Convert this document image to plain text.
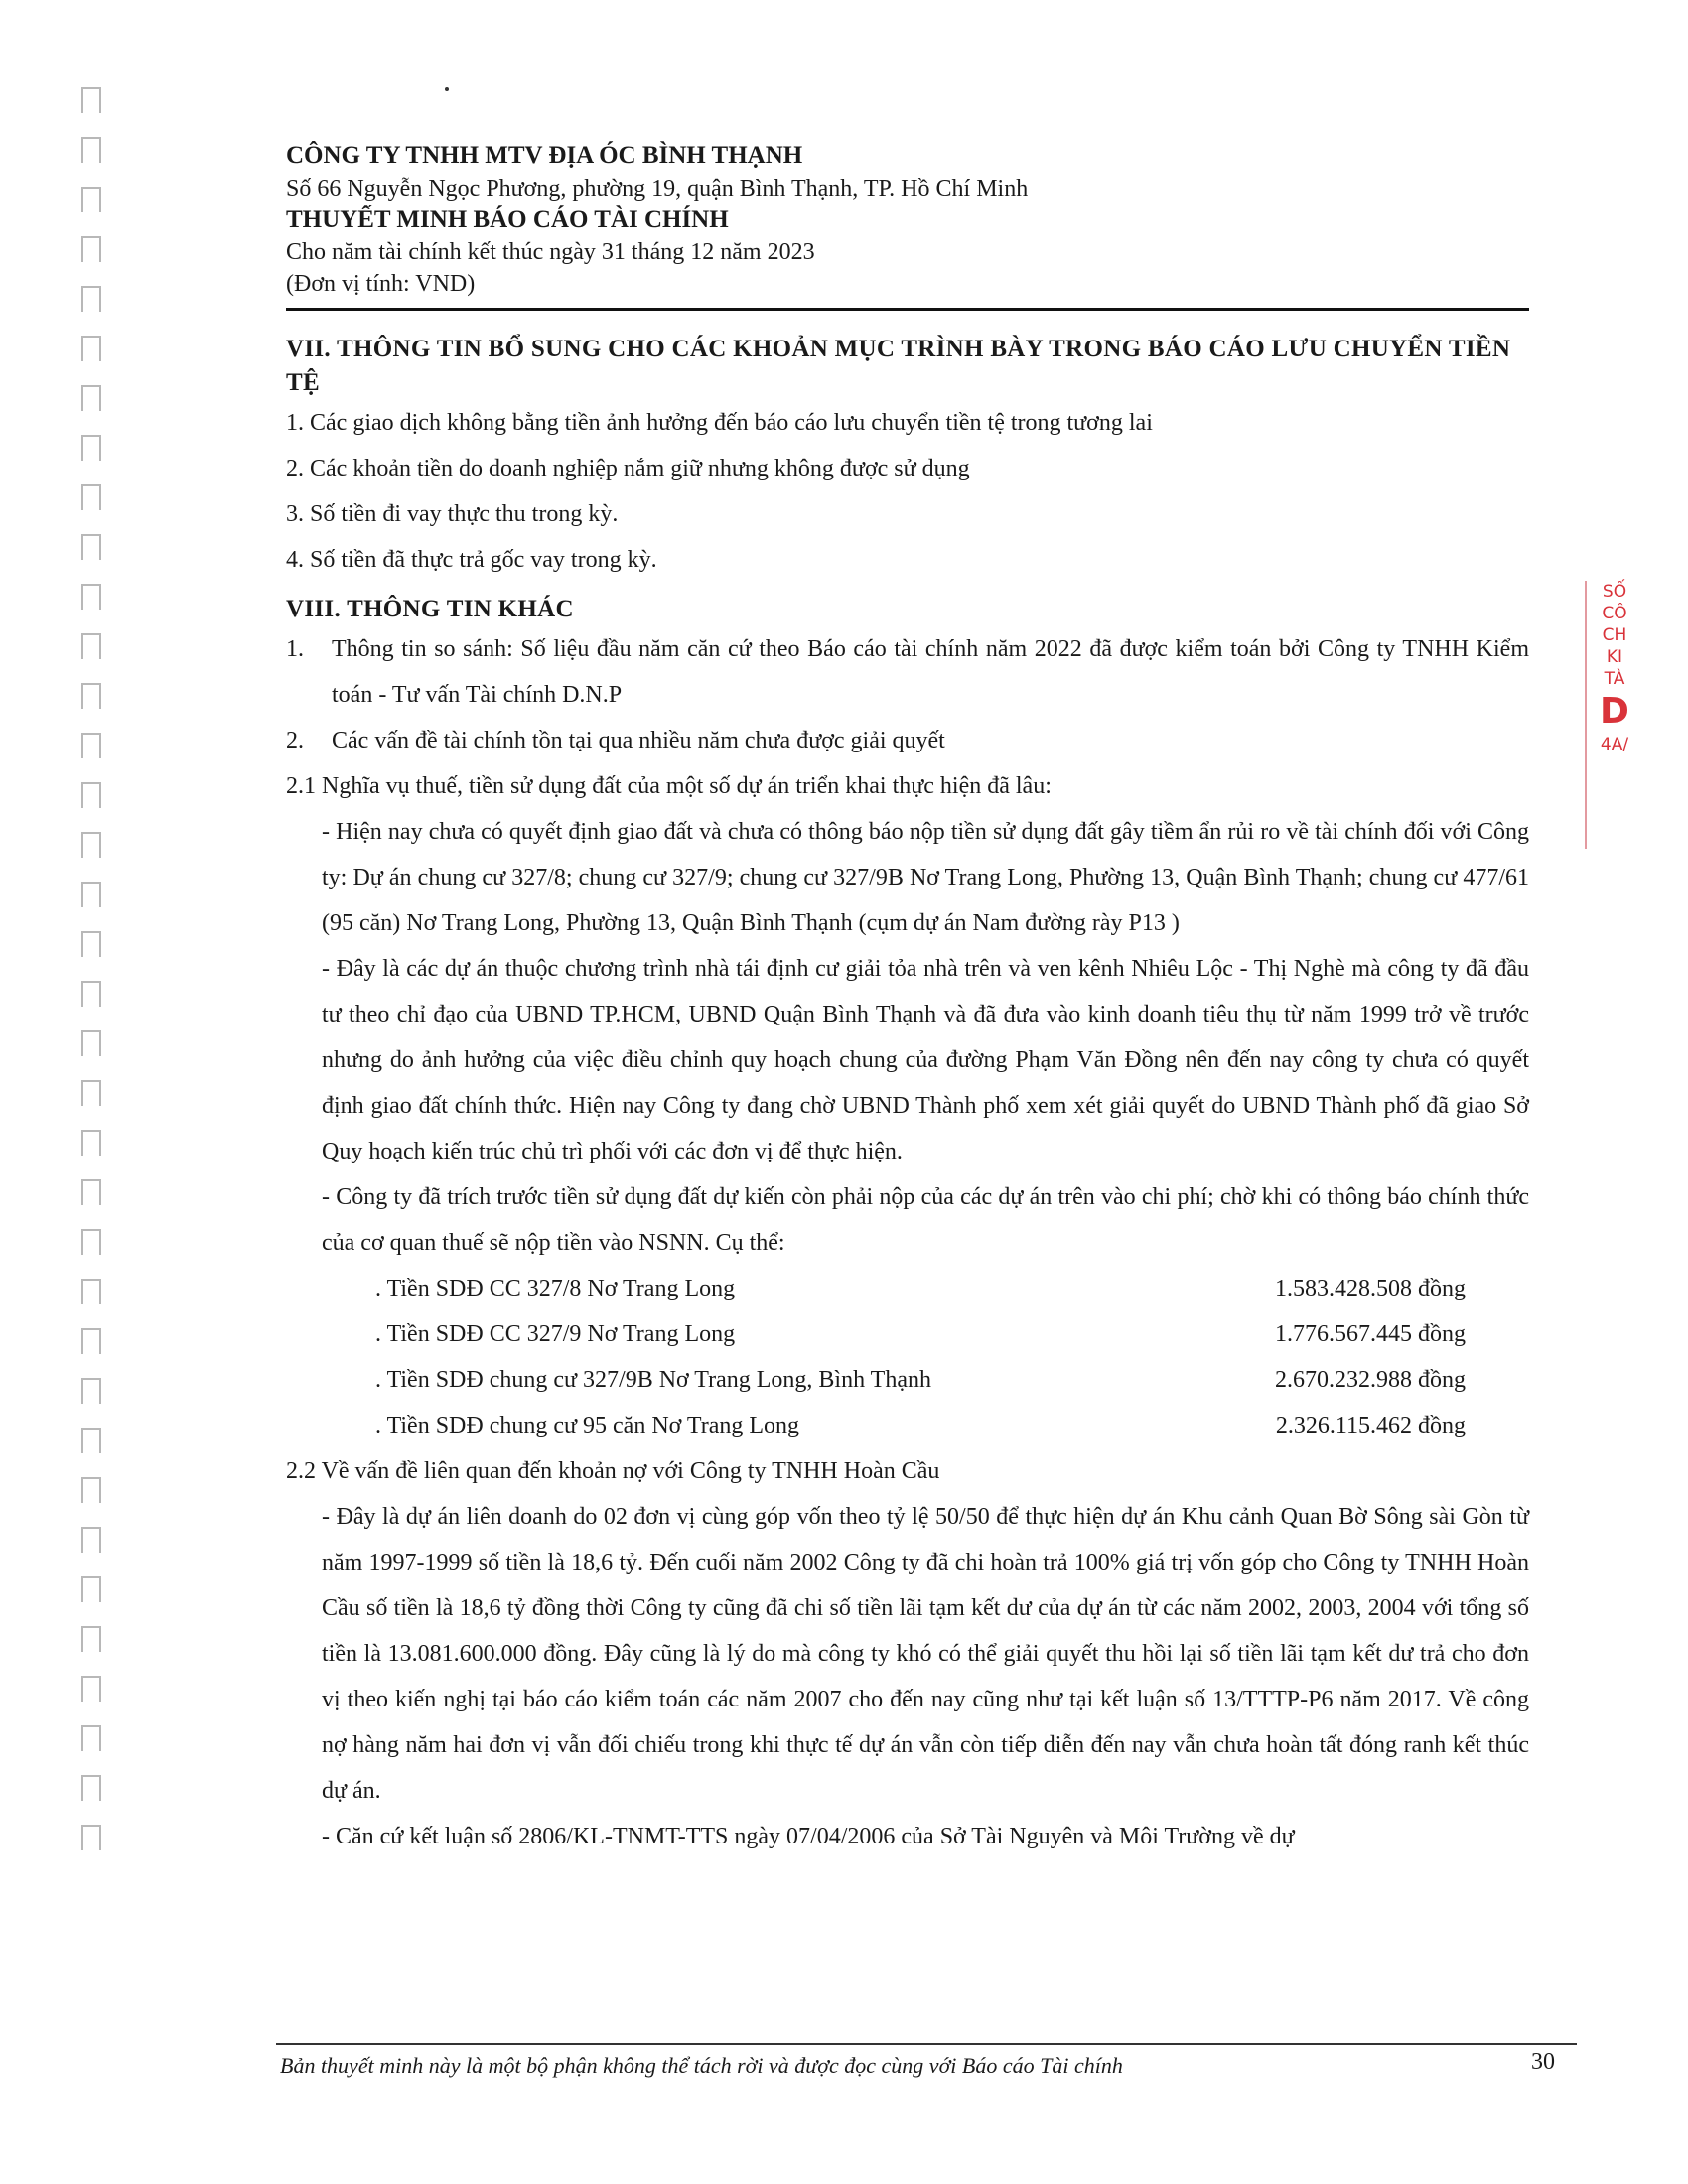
CÔNG TY TNHH MTV ĐỊA ÓC BÌNH THẠNH
Số 66 Nguyễn Ngọc Phương, phường 19, quận Bình Thạnh, TP. Hồ Chí Minh
THUYẾT MINH BÁO CÁO TÀI CHÍNH
Cho năm tài chính kết thúc ngày 31 tháng 12 năm 2023
(Đơn vị tính: VND)
VII. THÔNG TIN BỔ SUNG CHO CÁC KHOẢN MỤC TRÌNH BÀY TRONG BÁO CÁO LƯU CHUYỂN TIỀN TỆ
1. Các giao dịch không bằng tiền ảnh hưởng đến báo cáo lưu chuyển tiền tệ trong tương lai
2. Các khoản tiền do doanh nghiệp nắm giữ nhưng không được sử dụng
3. Số tiền đi vay thực thu trong kỳ.
4. Số tiền đã thực trả gốc vay trong kỳ.
VIII. THÔNG TIN KHÁC
1.	Thông tin so sánh: Số liệu đầu năm căn cứ theo Báo cáo tài chính năm 2022 đã được kiểm toán bởi Công ty TNHH Kiểm toán - Tư vấn Tài chính D.N.P
2.	Các vấn đề tài chính tồn tại qua nhiều năm chưa được giải quyết
2.1 Nghĩa vụ thuế, tiền sử dụng đất của một số dự án triển khai thực hiện đã lâu:
- Hiện nay chưa có quyết định giao đất và chưa có thông báo nộp tiền sử dụng đất gây tiềm ẩn rủi ro về tài chính đối với Công ty: Dự án chung cư 327/8; chung cư 327/9; chung cư 327/9B Nơ Trang Long, Phường 13, Quận Bình Thạnh; chung cư 477/61 (95 căn) Nơ Trang Long, Phường 13, Quận Bình Thạnh (cụm dự án Nam đường rày P13 )
- Đây là các dự án thuộc chương trình nhà tái định cư giải tỏa nhà trên và ven kênh Nhiêu Lộc - Thị Nghè mà công ty đã đầu tư theo chỉ đạo của UBND TP.HCM, UBND Quận Bình Thạnh và đã đưa vào kinh doanh tiêu thụ từ năm 1999 trở về trước nhưng do ảnh hưởng của việc điều chỉnh quy hoạch chung của đường Phạm Văn Đồng nên đến nay công ty chưa có quyết định giao đất chính thức. Hiện nay Công ty đang chờ UBND Thành phố xem xét giải quyết do UBND Thành phố đã giao Sở Quy hoạch kiến trúc chủ trì phối với các đơn vị để thực hiện.
- Công ty đã trích trước tiền sử dụng đất dự kiến còn phải nộp của các dự án trên vào chi phí; chờ khi có thông báo chính thức của cơ quan thuế sẽ nộp tiền vào NSNN. Cụ thể:
. Tiền SDĐ CC 327/8 Nơ Trang Long	1.583.428.508 đồng
. Tiền SDĐ CC 327/9 Nơ Trang Long	1.776.567.445 đồng
. Tiền SDĐ chung cư 327/9B Nơ Trang Long, Bình Thạnh	2.670.232.988 đồng
. Tiền SDĐ chung cư 95 căn Nơ Trang Long	2.326.115.462 đồng
2.2 Về vấn đề liên quan đến khoản nợ với Công ty TNHH Hoàn Cầu
- Đây là dự án liên doanh do 02 đơn vị cùng góp vốn theo tỷ lệ 50/50 để thực hiện dự án Khu cảnh Quan Bờ Sông sài Gòn từ năm 1997-1999 số tiền là 18,6 tỷ. Đến cuối năm 2002 Công ty đã chi hoàn trả 100% giá trị vốn góp cho Công ty TNHH Hoàn Cầu số tiền là 18,6 tỷ đồng thời Công ty cũng đã chi số tiền lãi tạm kết dư của dự án từ các năm 2002, 2003, 2004 với tổng số tiền là 13.081.600.000 đồng. Đây cũng là lý do mà công ty khó có thể giải quyết thu hồi lại số tiền lãi tạm kết dư trả cho đơn vị theo kiến nghị tại báo cáo kiểm toán các năm 2007 cho đến nay cũng như tại kết luận số 13/TTTP-P6 năm 2017. Về công nợ hàng năm hai đơn vị vẫn đối chiếu trong khi thực tế dự án vẫn còn tiếp diễn đến nay vẫn chưa hoàn tất đóng ranh kết thúc dự án.
- Căn cứ kết luận số 2806/KL-TNMT-TTS ngày 07/04/2006 của Sở Tài Nguyên và Môi Trường về dự
SỐ
CÔ
CH
KI
TÀ
D
4A/
Bản thuyết minh này là một bộ phận không thể tách rời và được đọc cùng với Báo cáo Tài chính	30
